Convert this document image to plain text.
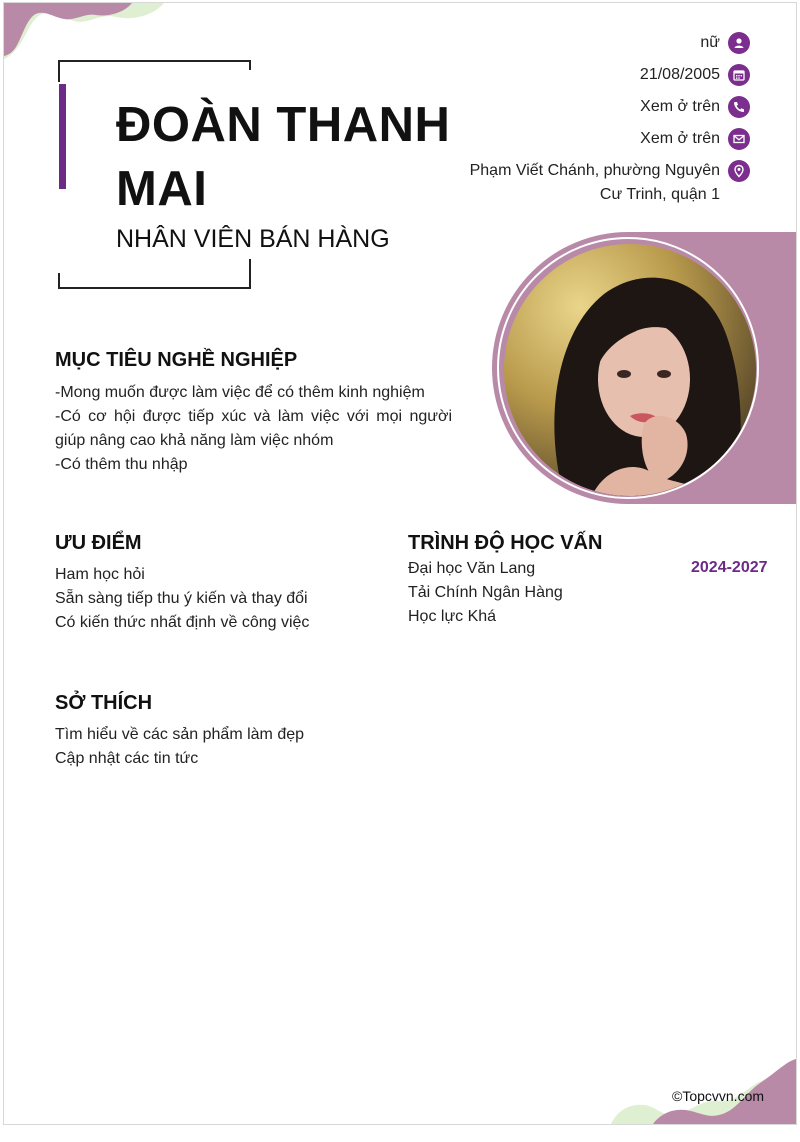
ĐOÀN THANH MAI
NHÂN VIÊN BÁN HÀNG
nữ
21/08/2005
Xem ở trên
Xem ở trên
Phạm Viết Chánh, phường Nguyên Cư Trinh, quận 1
MỤC TIÊU NGHỀ NGHIỆP
-Mong muốn được làm việc để có thêm kinh nghiệm
-Có cơ hội được tiếp xúc và làm việc với mọi người giúp nâng cao khả năng làm việc nhóm
-Có thêm thu nhập
ƯU ĐIỂM
Ham học hỏi
Sẵn sàng tiếp thu ý kiến và thay đổi
Có kiến thức nhất định về công việc
SỞ THÍCH
Tìm hiểu về các sản phẩm làm đẹp
Cập nhật các tin tức
TRÌNH ĐỘ HỌC VẤN
Đại học Văn Lang
Tải Chính Ngân Hàng
Học lực Khá
2024-2027
©Topcvvn.com
